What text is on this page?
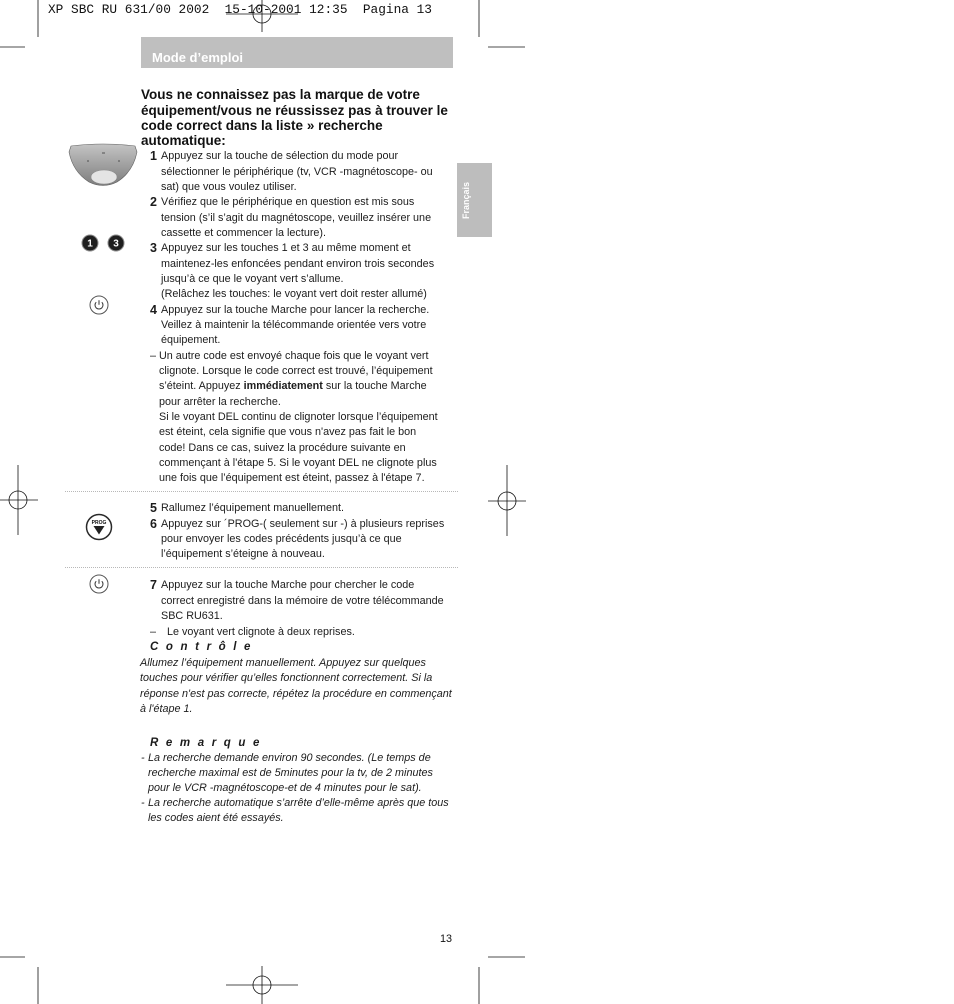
XP SBC RU 631/00 2002  15-10-2001 12:35  Pagina 13
Mode d’emploi
Français
Vous ne connaissez pas la marque de votre
équipement/vous ne réussissez pas à trouver le
code correct dans la liste » recherche
automatique:
1 3
PROG
1 Appuyez sur la touche de sélection du mode pour
sélectionner le périphérique (tv, VCR -magnétoscope- ou
sat) que vous voulez utiliser.
2 Vérifiez que le périphérique en question est mis sous
tension (s’il s’agit du magnétoscope, veuillez insérer une
cassette et commencer la lecture).
3 Appuyez sur les touches 1 et 3 au même moment et
maintenez-les enfoncées pendant environ trois secondes
jusqu’à ce que le voyant vert s’allume.
(Relâchez les touches: le voyant vert doit rester allumé)
4 Appuyez sur la touche Marche pour lancer la recherche.
Veillez à maintenir la télécommande orientée vers votre
équipement.
– Un autre code est envoyé chaque fois que le voyant vert
clignote. Lorsque le code correct est trouvé, l’équipement
s’éteint. Appuyez immédiatement sur la touche Marche
pour arrêter la recherche.
Si le voyant DEL continu de clignoter lorsque l’équipement
est éteint, cela signifie que vous n'avez pas fait le bon
code! Dans ce cas, suivez la procédure suivante en
commençant à l'étape 5. Si le voyant DEL ne clignote plus
une fois que l’équipement est éteint, passez à l'étape 7.
5 Rallumez l’équipement manuellement.
6 Appuyez sur ´PROG-( seulement sur -) à plusieurs reprises
pour envoyer les codes précédents jusqu’à ce que
l’équipement s’éteigne à nouveau.
7 Appuyez sur la touche Marche pour chercher le code
correct enregistré dans la mémoire de votre télécommande
SBC RU631.
– Le voyant vert clignote à deux reprises.
C o n t r ô l e
Allumez l’équipement manuellement. Appuyez sur quelques
touches pour vérifier qu’elles fonctionnent correctement. Si la
réponse n'est pas correcte, répétez la procédure en commençant
à l'étape 1.
R e m a r q u e
- La recherche demande environ 90 secondes. (Le temps de
recherche maximal est de 5minutes pour la tv, de 2 minutes
pour le VCR -magnétoscope-et de 4 minutes pour le sat).
- La recherche automatique s’arrête d’elle-même après que tous
les codes aient été essayés.
13
